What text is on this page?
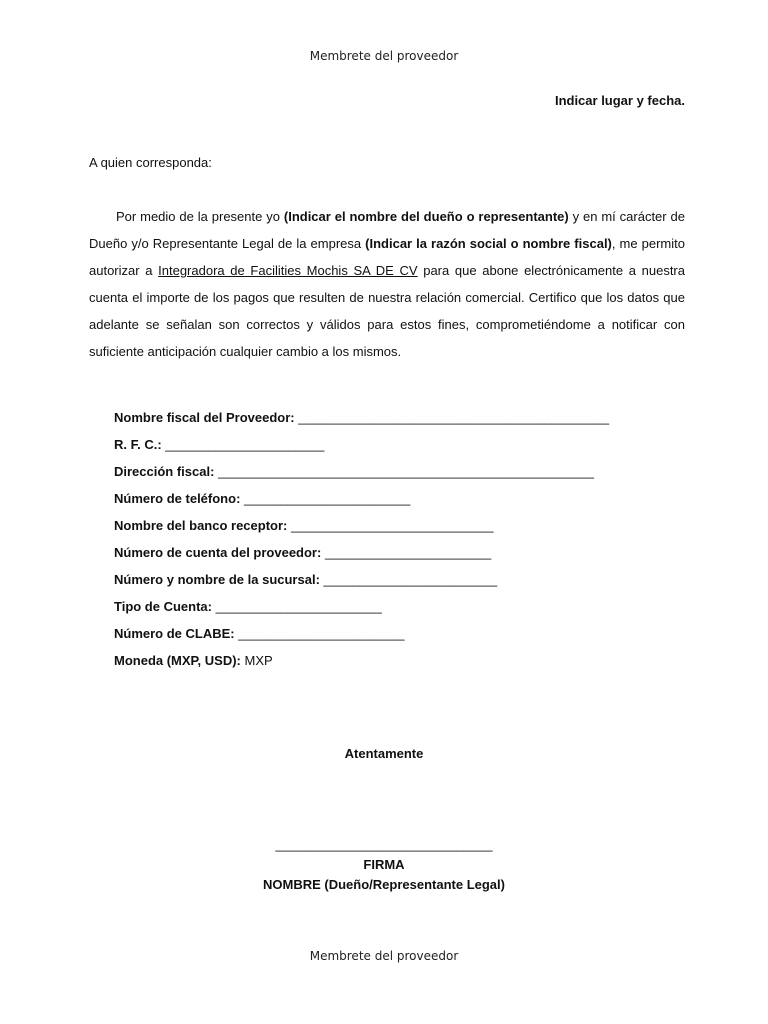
Membrete del proveedor
Indicar lugar y fecha.
A quien corresponda:

Por medio de la presente yo (Indicar el nombre del dueño o representante) y en mí carácter de Dueño y/o Representante Legal de la empresa (Indicar la razón social o nombre fiscal), me permito autorizar a Integradora de Facilities Mochis SA DE CV para que abone electrónicamente a nuestra cuenta el importe de los pagos que resulten de nuestra relación comercial. Certifico que los datos que adelante se señalan son correctos y válidos para estos fines, comprometiéndome a notificar con suficiente anticipación cualquier cambio a los mismos.

Nombre fiscal del Proveedor: ___________________________________________
R. F. C.: ______________________
Dirección fiscal: ____________________________________________________
Número de teléfono: _______________________
Nombre del banco receptor: ____________________________
Número de cuenta del proveedor: _______________________
Número y nombre de la sucursal: ________________________
Tipo de Cuenta: _______________________
Número de CLABE: _______________________
Moneda (MXP, USD): MXP
Atentamente
______________________________
FIRMA
NOMBRE (Dueño/Representante Legal)
Membrete del proveedor
